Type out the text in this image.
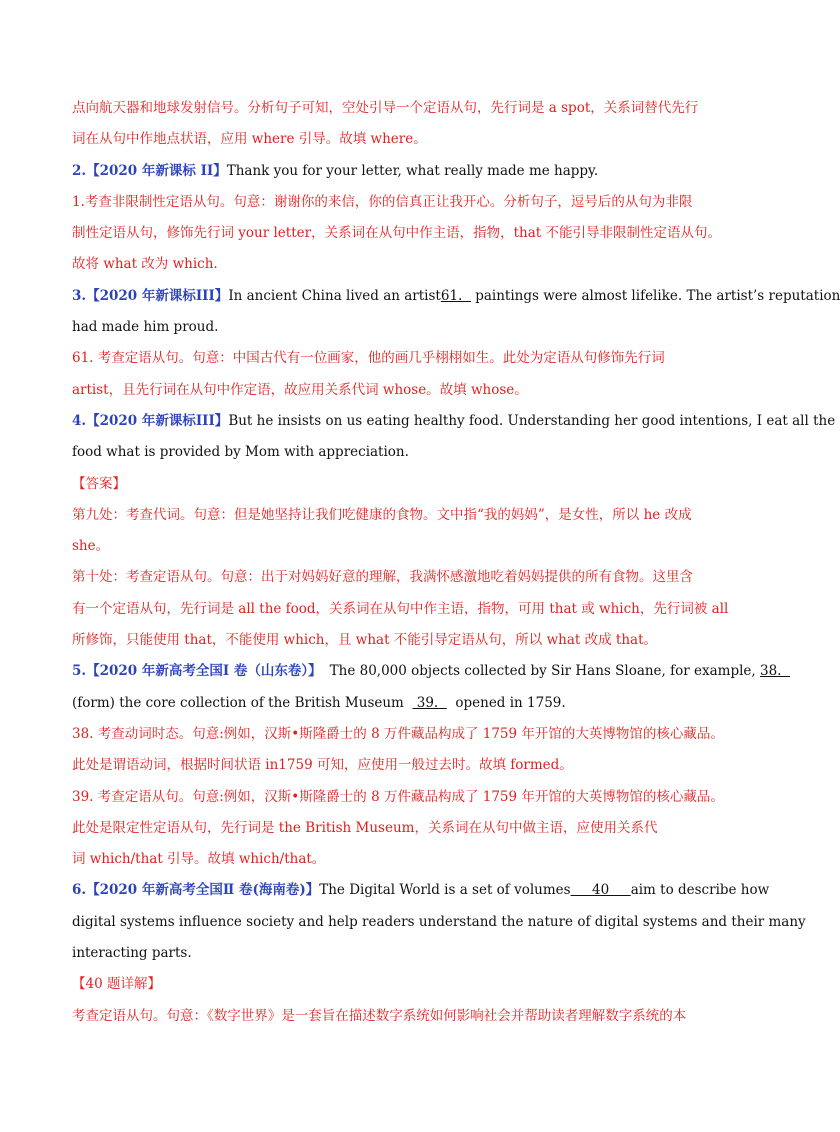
点向航天器和地球发射信号。分析句子可知，空处引导一个定语从句，先行词是 a spot，关系词替代先行
词在从句中作地点状语，应用 where 引导。故填 where。
2.【2020 年新课标 II】Thank you for your letter, what really made me happy.
1.考查非限制性定语从句。句意：谢谢你的来信，你的信真正让我开心。分析句子，逗号后的从句为非限
制性定语从句，修饰先行词 your letter，关系词在从句中作主语，指物，that 不能引导非限制性定语从句。
故将 what 改为 which.
3.【2020 年新课标III】In ancient China lived an artist61.   paintings were almost lifelike. The artist’s reputation
had made him proud.
61. 考查定语从句。句意：中国古代有一位画家，他的画几乎栩栩如生。此处为定语从句修饰先行词
artist，且先行词在从句中作定语，故应用关系代词 whose。故填 whose。
4.【2020 年新课标III】But he insists on us eating healthy food. Understanding her good intentions, I eat all the
food what is provided by Mom with appreciation.
【答案】
第九处：考查代词。句意：但是她坚持让我们吃健康的食物。文中指“我的妈妈”，是女性，所以 he 改成
she。
第十处：考查定语从句。句意：出于对妈妈好意的理解，我满怀感激地吃着妈妈提供的所有食物。这里含
有一个定语从句，先行词是 all the food，关系词在从句中作主语，指物，可用 that 或 which，先行词被 all
所修饰，只能使用 that，不能使用 which，且 what 不能引导定语从句，所以 what 改成 that。
5.【2020 年新高考全国Ⅰ 卷（山东卷）】 The 80,000 objects collected by Sir Hans Sloane, for example, 38.
(form) the core collection of the British Museum   39.    opened in 1759.
38. 考查动词时态。句意:例如，汉斯•斯隆爵士的 8 万件藏品构成了 1759 年开馆的大英博物馆的核心藏品。
此处是谓语动词，根据时间状语 in1759 可知，应使用一般过去时。故填 formed。
39. 考查定语从句。句意:例如，汉斯•斯隆爵士的 8 万件藏品构成了 1759 年开馆的大英博物馆的核心藏品。
此处是限定性定语从句，先行词是 the British Museum，关系词在从句中做主语，应使用关系代
词 which/that 引导。故填 which/that。
6.【2020 年新高考全国Ⅱ 卷(海南卷)】The Digital World is a set of volumes     40     aim to describe how
digital systems influence society and help readers understand the nature of digital systems and their many
interacting parts.
【40 题详解】
考查定语从句。句意：《数字世界》是一套旨在描述数字系统如何影响社会并帮助读者理解数字系统的本
